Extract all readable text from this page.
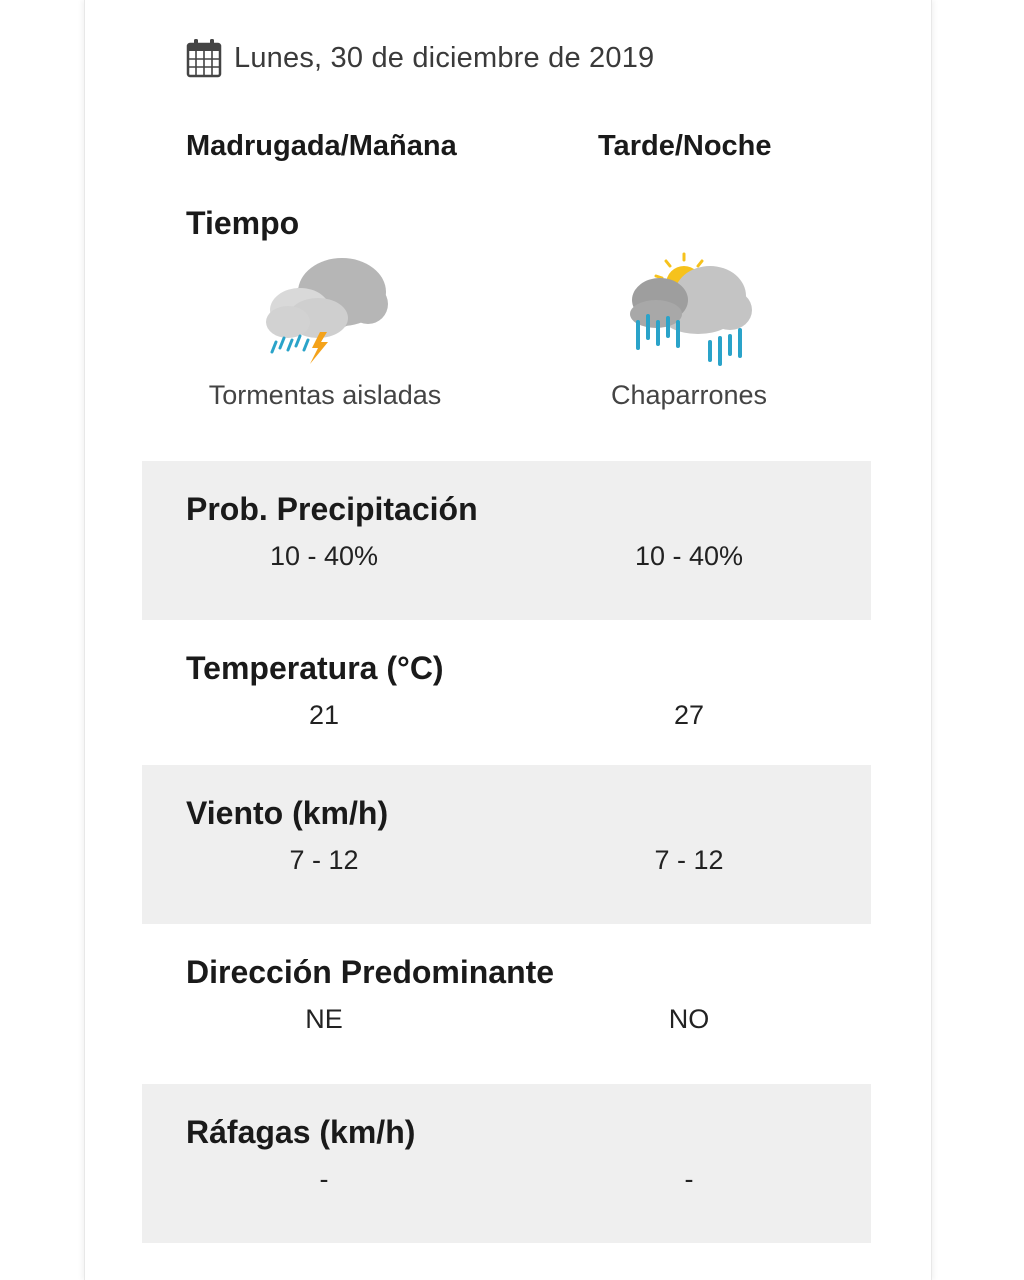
Lunes, 30 de diciembre de 2019
Madrugada/Mañana	Tarde/Noche
Tiempo
Tormentas aisladas	Chaparrones
Prob. Precipitación
10 - 40%	10 - 40%
Temperatura (°C)
21	27
Viento (km/h)
7 - 12	7 - 12
Dirección Predominante
NE	NO
Ráfagas (km/h)
-	-
